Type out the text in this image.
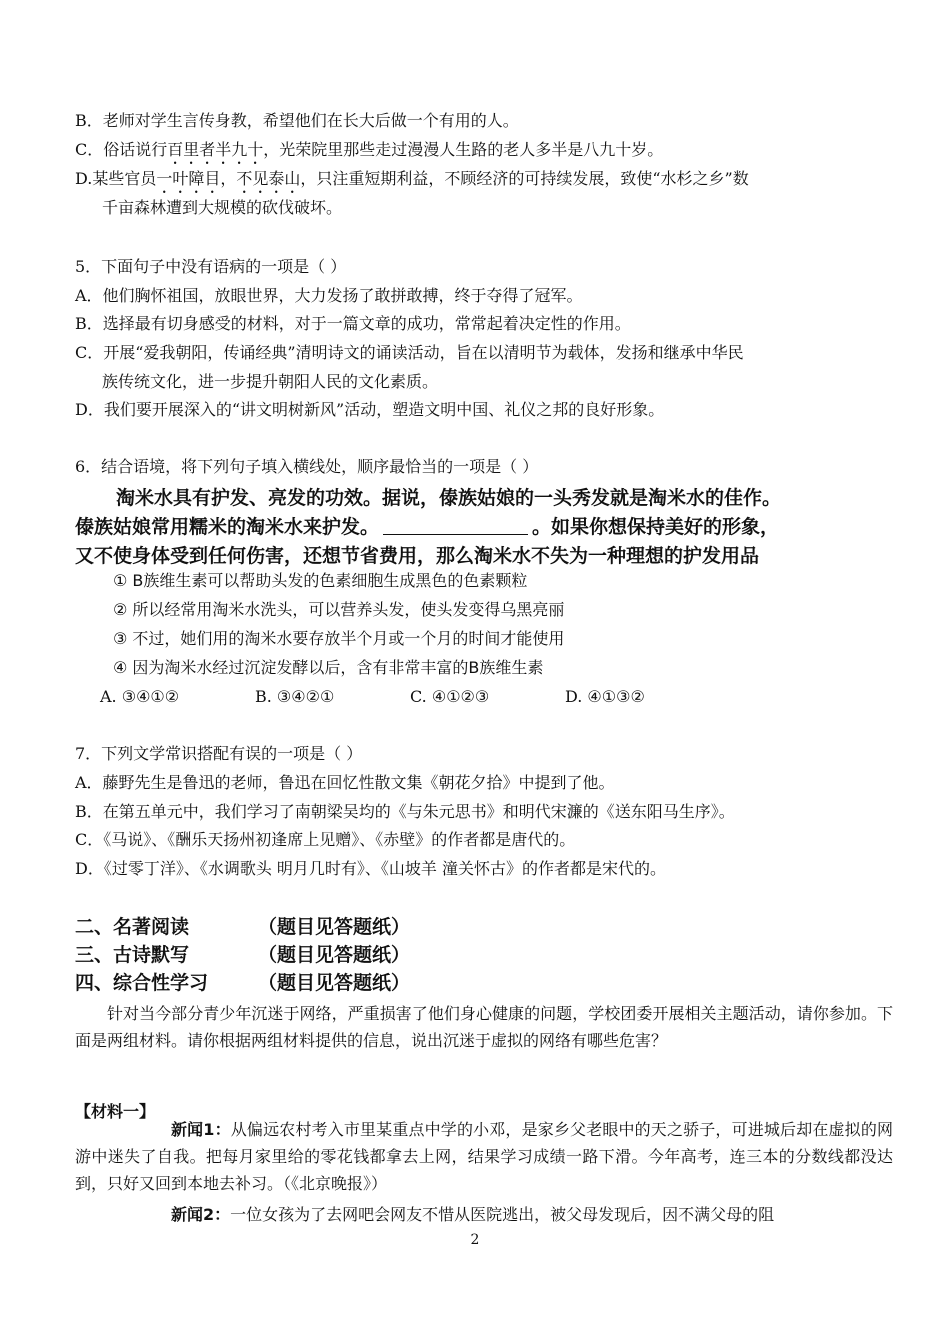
B．老师对学生言传身教，希望他们在长大后做一个有用的人。
C．俗话说行百里者半九十，光荣院里那些走过漫漫人生路的老人多半是八九十岁。
D.某些官员一叶障目，不见泰山，只注重短期利益，不顾经济的可持续发展，致使“水杉之乡”数
千亩森林遭到大规模的砍伐破坏。
5．下面句子中没有语病的一项是（ ）
A．他们胸怀祖国，放眼世界，大力发扬了敢拼敢搏，终于夺得了冠军。
B．选择最有切身感受的材料，对于一篇文章的成功，常常起着决定性的作用。
C．开展“爱我朝阳，传诵经典”清明诗文的诵读活动，旨在以清明节为载体，发扬和继承中华民
族传统文化，进一步提升朝阳人民的文化素质。
D．我们要开展深入的“讲文明树新风”活动，塑造文明中国、礼仪之邦的良好形象。
6．结合语境，将下列句子填入横线处，顺序最恰当的一项是（ ）
淘米水具有护发、亮发的功效。据说，傣族姑娘的一头秀发就是淘米水的佳作。
傣族姑娘常用糯米的淘米水来护发。	。如果你想保持美好的形象，
又不使身体受到任何伤害，还想节省费用，那么淘米水不失为一种理想的护发用品
① B族维生素可以帮助头发的色素细胞生成黑色的色素颗粒
② 所以经常用淘米水洗头，可以营养头发，使头发变得乌黑亮丽
③ 不过，她们用的淘米水要存放半个月或一个月的时间才能使用
④ 因为淘米水经过沉淀发酵以后，含有非常丰富的B族维生素
A. ③④①②	B. ③④②①	C. ④①②③	D. ④①③②
7．下列文学常识搭配有误的一项是（ ）
A．藤野先生是鲁迅的老师，鲁迅在回忆性散文集《朝花夕拾》中提到了他。
B．在第五单元中，我们学习了南朝梁吴均的《与朱元思书》和明代宋濂的《送东阳马生序》。
C．《马说》、《酬乐天扬州初逢席上见赠》、《赤壁》的作者都是唐代的。
D．《过零丁洋》、《水调歌头 明月几时有》、《山坡羊 潼关怀古》的作者都是宋代的。
二、名著阅读	（题目见答题纸）
三、古诗默写	（题目见答题纸）
四、综合性学习	（题目见答题纸）
针对当今部分青少年沉迷于网络，严重损害了他们身心健康的问题，学校团委开展相关主题活动，请你参加。下面是两组材料。请你根据两组材料提供的信息，说出沉迷于虚拟的网络有哪些危害？
【材料一】
新闻1：从偏远农村考入市里某重点中学的小邓，是家乡父老眼中的天之骄子，可进城后却在虚拟的网游中迷失了自我。把每月家里给的零花钱都拿去上网，结果学习成绩一路下滑。今年高考，连三本的分数线都没达到，只好又回到本地去补习。（《北京晚报》）
新闻2：一位女孩为了去网吧会网友不惜从医院逃出，被父母发现后，因不满父母的阻
2
